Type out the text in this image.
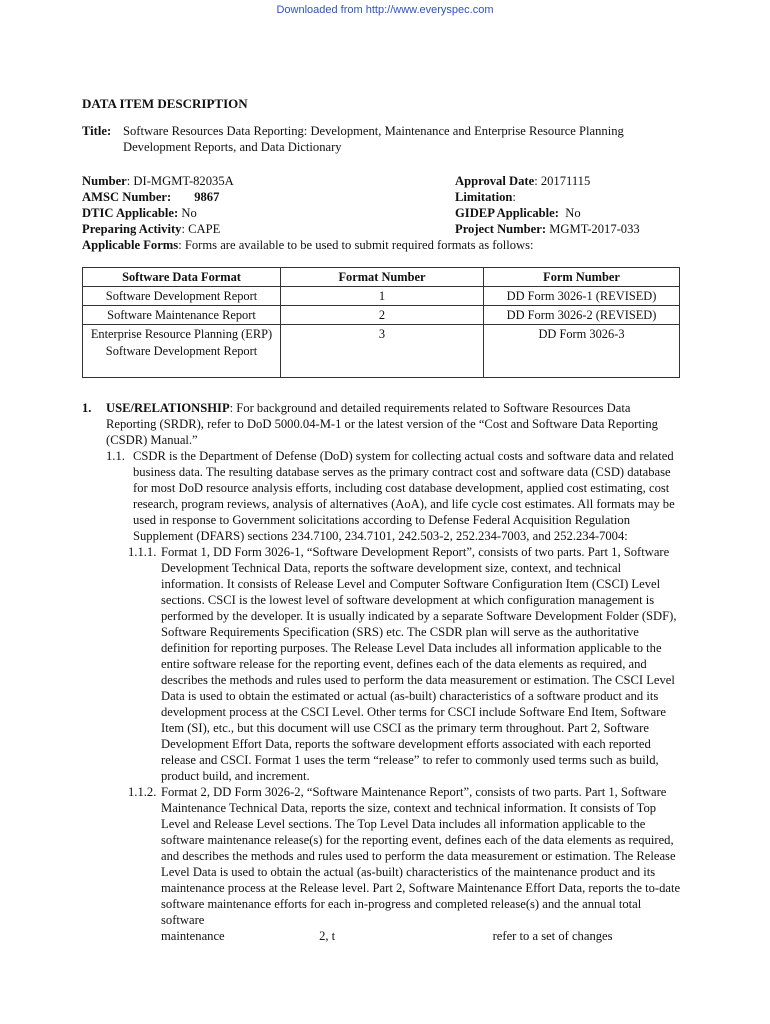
Downloaded from http://www.everyspec.com
DATA ITEM DESCRIPTION
Title: Software Resources Data Reporting: Development, Maintenance and Enterprise Resource Planning Development Reports, and Data Dictionary
Number: DI-MGMT-82035A	Approval Date: 20171115
AMSC Number: 9867	Limitation:
DTIC Applicable: No	GIDEP Applicable: No
Preparing Activity: CAPE	Project Number: MGMT-2017-033
Applicable Forms: Forms are available to be used to submit required formats as follows:
Software Data Format	Format Number	Form Number
Software Development Report	1	DD Form 3026-1 (REVISED)
Software Maintenance Report	2	DD Form 3026-2 (REVISED)
Enterprise Resource Planning (ERP) Software Development Report	3	DD Form 3026-3
1. USE/RELATIONSHIP: For background and detailed requirements related to Software Resources Data Reporting (SRDR), refer to DoD 5000.04-M-1 or the latest version of the “Cost and Software Data Reporting (CSDR) Manual.”
1.1. CSDR is the Department of Defense (DoD) system for collecting actual costs and software data and related business data. The resulting database serves as the primary contract cost and software data (CSD) database for most DoD resource analysis efforts, including cost database development, applied cost estimating, cost research, program reviews, analysis of alternatives (AoA), and life cycle cost estimates. All formats may be used in response to Government solicitations according to Defense Federal Acquisition Regulation Supplement (DFARS) sections 234.7100, 234.7101, 242.503-2, 252.234-7003, and 252.234-7004:
1.1.1. Format 1, DD Form 3026-1, “Software Development Report”, consists of two parts. Part 1, Software Development Technical Data, reports the software development size, context, and technical information. It consists of Release Level and Computer Software Configuration Item (CSCI) Level sections. CSCI is the lowest level of software development at which configuration management is performed by the developer. It is usually indicated by a separate Software Development Folder (SDF), Software Requirements Specification (SRS) etc. The CSDR plan will serve as the authoritative definition for reporting purposes. The Release Level Data includes all information applicable to the entire software release for the reporting event, defines each of the data elements as required, and describes the methods and rules used to perform the data measurement or estimation. The CSCI Level Data is used to obtain the estimated or actual (as-built) characteristics of a software product and its development process at the CSCI Level. Other terms for CSCI include Software End Item, Software Item (SI), etc., but this document will use CSCI as the primary term throughout. Part 2, Software Development Effort Data, reports the software development efforts associated with each reported release and CSCI. Format 1 uses the term “release” to refer to commonly used terms such as build, product build, and increment.
1.1.2. Format 2, DD Form 3026-2, “Software Maintenance Report”, consists of two parts. Part 1, Software Maintenance Technical Data, reports the size, context and technical information. It consists of Top Level and Release Level sections. The Top Level Data includes all information applicable to the software maintenance release(s) for the reporting event, defines each of the data elements as required, and describes the methods and rules used to perform the data measurement or estimation. The Release Level Data is used to obtain the actual (as-built) characteristics of the maintenance product and its maintenance process at the Release level. Part 2, Software Maintenance Effort Data, reports the to-date software maintenance efforts for each in-progress and completed release(s) and the annual total software
maintenance                              2, t                                                  refer to a set of changes
